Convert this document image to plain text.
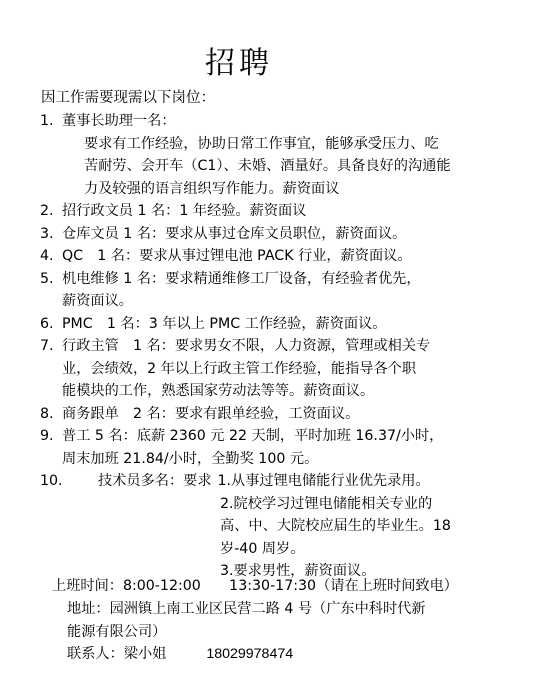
招聘
因工作需要现需以下岗位：
1. 董事长助理一名：
要求有工作经验，协助日常工作事宜，能够承受压力、吃
苦耐劳、会开车（C1）、未婚、酒量好。具备良好的沟通能
力及较强的语言组织写作能力。薪资面议
2. 招行政文员 1 名：1 年经验。薪资面议
3. 仓库文员 1 名：要求从事过仓库文员职位，薪资面议。
4. QC　1 名：要求从事过锂电池 PACK 行业，薪资面议。
5. 机电维修 1 名：要求精通维修工厂设备，有经验者优先，
薪资面议。
6. PMC　1 名：3 年以上 PMC 工作经验，薪资面议。
7. 行政主管　1 名：要求男女不限，人力资源，管理或相关专
业，会绩效，2 年以上行政主管工作经验，能指导各个职
能模块的工作，熟悉国家劳动法等等。薪资面议。
8. 商务跟单　2 名：要求有跟单经验，工资面议。
9. 普工 5 名：底薪 2360 元 22 天制，平时加班 16.37/小时，
周末加班 21.84/小时，全勤奖 100 元。
10.	技术员多名：要求 1.从事过锂电储能行业优先录用。
2.院校学习过锂电储能相关专业的
高、中、大院校应届生的毕业生。18
岁-40 周岁。
3.要求男性，薪资面议。
上班时间：8:00-12:00　　13:30-17:30（请在上班时间致电）
地址：园洲镇上南工业区民营二路 4 号（广东中科时代新
能源有限公司）
联系人：梁小姐	18029978474
